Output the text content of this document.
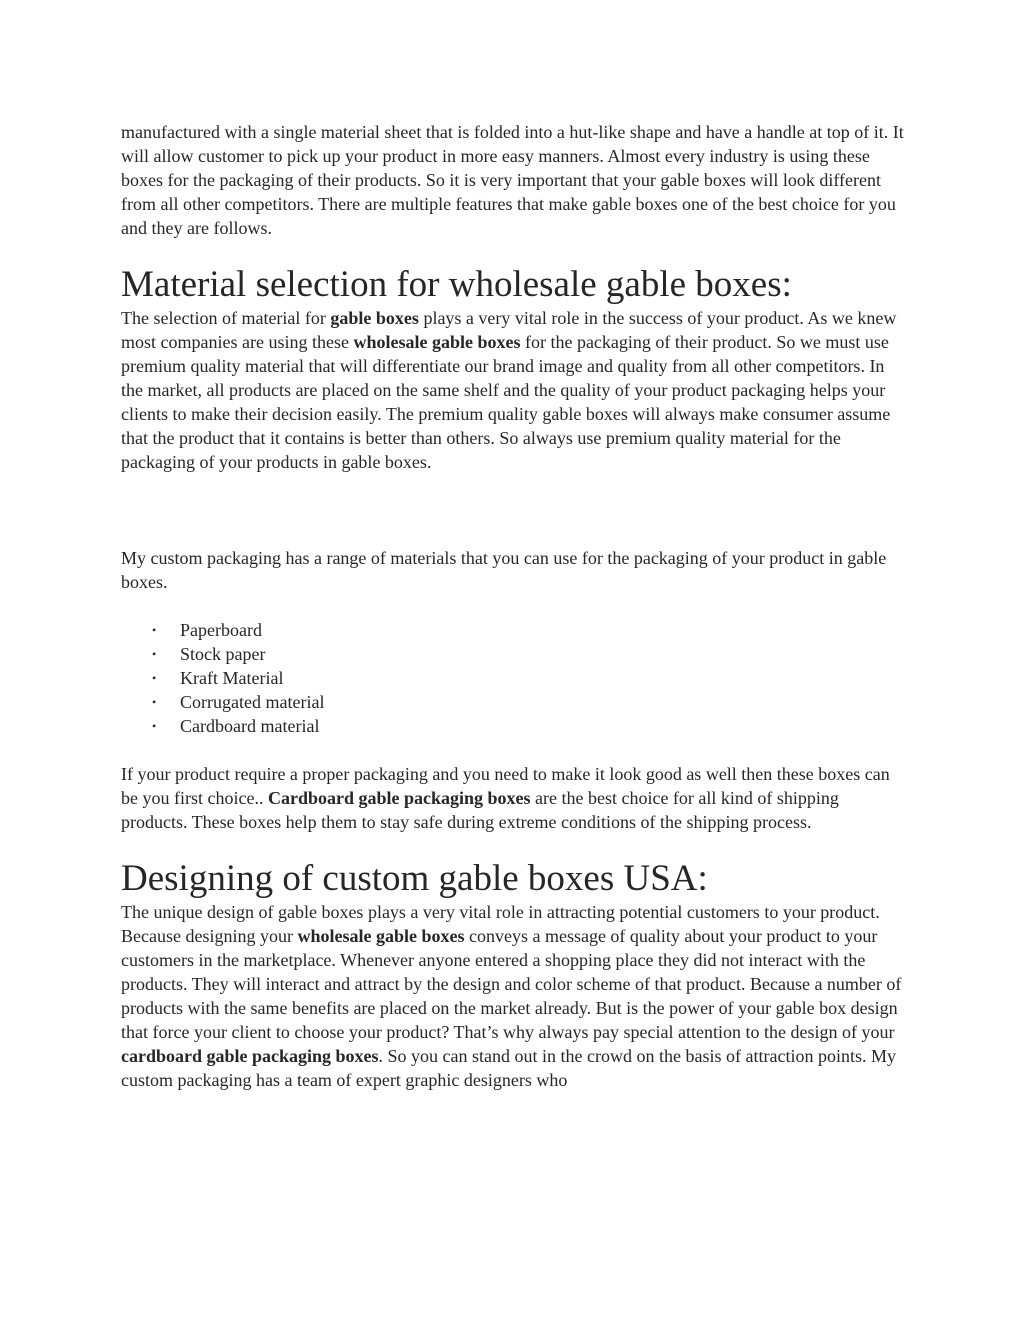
manufactured with a single material sheet that is folded into a hut-like shape and have a handle at top of it. It will allow customer to pick up your product in more easy manners. Almost every industry is using these boxes for the packaging of their products. So it is very important that your gable boxes will look different from all other competitors. There are multiple features that make gable boxes one of the best choice for you and they are follows.

Material selection for wholesale gable boxes:

The selection of material for gable boxes plays a very vital role in the success of your product. As we knew most companies are using these wholesale gable boxes for the packaging of their product. So we must use premium quality material that will differentiate our brand image and quality from all other competitors. In the market, all products are placed on the same shelf and the quality of your product packaging helps your clients to make their decision easily. The premium quality gable boxes will always make consumer assume that the product that it contains is better than others. So always use premium quality material for the packaging of your products in gable boxes.

My custom packaging has a range of materials that you can use for the packaging of your product in gable boxes.

• Paperboard
• Stock paper
• Kraft Material
• Corrugated material
• Cardboard material

If your product require a proper packaging and you need to make it look good as well then these boxes can be you first choice.. Cardboard gable packaging boxes are the best choice for all kind of shipping products. These boxes help them to stay safe during extreme conditions of the shipping process.

Designing of custom gable boxes USA:

The unique design of gable boxes plays a very vital role in attracting potential customers to your product. Because designing your wholesale gable boxes conveys a message of quality about your product to your customers in the marketplace. Whenever anyone entered a shopping place they did not interact with the products. They will interact and attract by the design and color scheme of that product. Because a number of products with the same benefits are placed on the market already. But is the power of your gable box design that force your client to choose your product? That’s why always pay special attention to the design of your cardboard gable packaging boxes. So you can stand out in the crowd on the basis of attraction points. My custom packaging has a team of expert graphic designers who
